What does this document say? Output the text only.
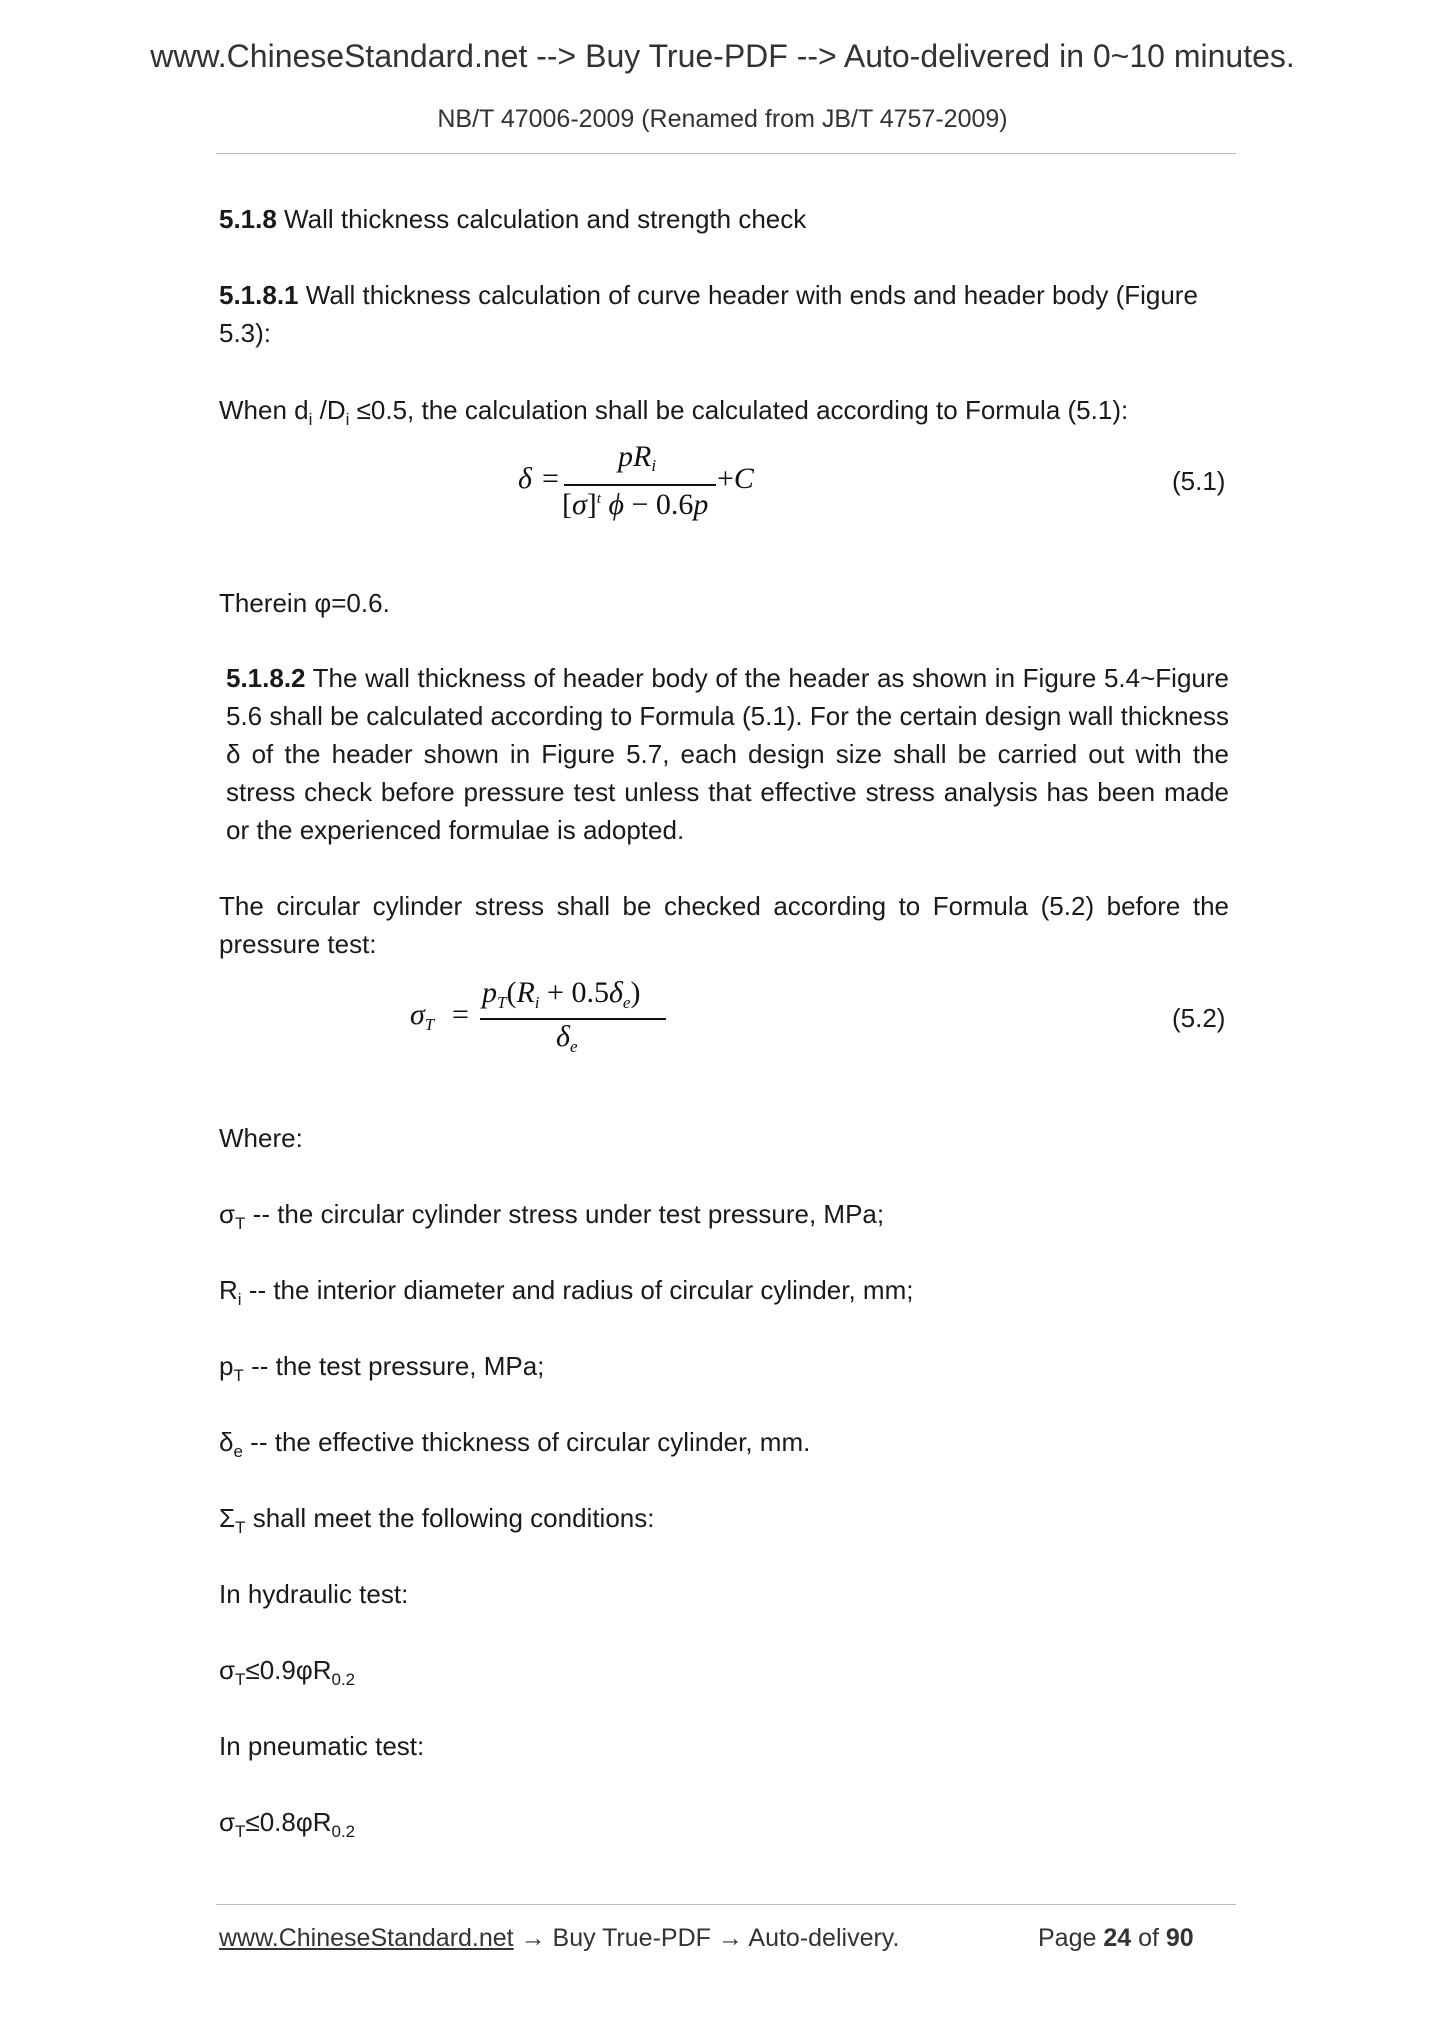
www.ChineseStandard.net --> Buy True-PDF --> Auto-delivered in 0~10 minutes.
NB/T 47006-2009 (Renamed from JB/T 4757-2009)
5.1.8 Wall thickness calculation and strength check
5.1.8.1 Wall thickness calculation of curve header with ends and header body (Figure 5.3):
When $d_i$ $/D_i \le 0.5$, the calculation shall be calculated according to Formula (5.1):
δ =
pRi
$[\sigma]^t$ ϕ − 0.6p
+C	(5.1)
Therein φ=0.6.
5.1.8.2 The wall thickness of header body of the header as shown in Figure 5.4~Figure 5.6 shall be calculated according to Formula (5.1). For the certain design wall thickness δ of the header shown in Figure 5.7, each design size shall be carried out with the stress check before pressure test unless that effective stress analysis has been made or the experienced formulae is adopted.
The circular cylinder stress shall be checked according to Formula (5.2) before the pressure test:
$\sigma_T$ =
$p_T(R_i + 0.5\delta_e)$
$\delta_e$
(5.2)
Where:
$\sigma_T$ -- the circular cylinder stress under test pressure, MPa;
$R_i$ -- the interior diameter and radius of circular cylinder, mm;
$p_T$ -- the test pressure, MPa;
$\delta_e$ -- the effective thickness of circular cylinder, mm.
$\Sigma_T$ shall meet the following conditions:
In hydraulic test:
$\sigma_T\le 0.9\varphi R_{0.2}$
In pneumatic test:
$\sigma_T\le 0.8\varphi R_{0.2}$
www.ChineseStandard.net → Buy True-PDF → Auto-delivery.	Page 24 of 90
